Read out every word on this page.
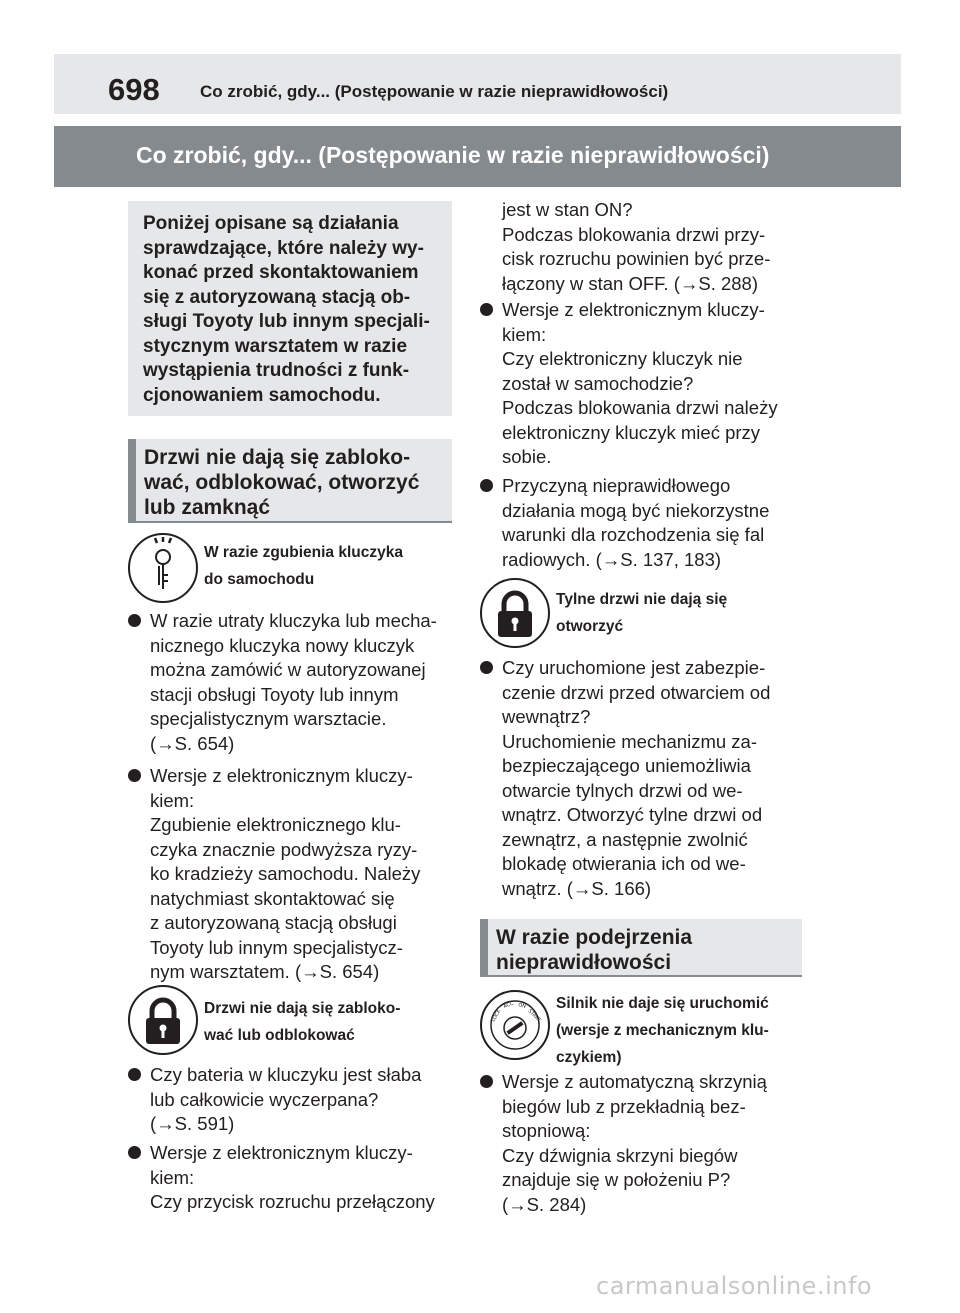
698 Co zrobić, gdy... (Postępowanie w razie nieprawidłowości)
Co zrobić, gdy... (Postępowanie w razie nieprawidłowości)

Poniżej opisane są działania sprawdzające, które należy wy-konać przed skontaktowaniem się z autoryzowaną stacją ob-sługi Toyoty lub innym specjali-stycznym warsztatem w razie wystąpienia trudności z funk-cjonowaniem samochodu.

Drzwi nie dają się zabloko-
wać, odblokować, otworzyć
lub zamknąć
W razie zgubienia kluczyka
do samochodu
W razie utraty kluczyka lub mecha-
nicznego kluczyka nowy kluczyk
można zamówić w autoryzowanej
stacji obsługi Toyoty lub innym
specjalistycznym warsztacie.
(→S. 654)
Wersje z elektronicznym kluczy-
kiem:
Zgubienie elektronicznego klu-
czyka znacznie podwyższa ryzy-
ko kradzieży samochodu. Należy
natychmiast skontaktować się
z autoryzowaną stacją obsługi
Toyoty lub innym specjalistycz-
nym warsztatem. (→S. 654)
Drzwi nie dają się zabloko-
wać lub odblokować
Czy bateria w kluczyku jest słaba
lub całkowicie wyczerpana?
(→S. 591)
Wersje z elektronicznym kluczy-
kiem:
Czy przycisk rozruchu przełączony
jest w stan ON?
Podczas blokowania drzwi przy-
cisk rozruchu powinien być prze-
łączony w stan OFF. (→S. 288)
Wersje z elektronicznym kluczy-
kiem:
Czy elektroniczny kluczyk nie
został w samochodzie?
Podczas blokowania drzwi należy
elektroniczny kluczyk mieć przy
sobie.
Przyczyną nieprawidłowego
działania mogą być niekorzystne
warunki dla rozchodzenia się fal
radiowych. (→S. 137, 183)
Tylne drzwi nie dają się
otworzyć
Czy uruchomione jest zabezpie-
czenie drzwi przed otwarciem od
wewnątrz?
Uruchomienie mechanizmu za-
bezpieczającego uniemożliwia
otwarcie tylnych drzwi od we-
wnątrz. Otworzyć tylne drzwi od
zewnątrz, a następnie zwolnić
blokadę otwierania ich od we-
wnątrz. (→S. 166)
W razie podejrzenia
nieprawidłowości
LOCK
ACC ON
START
Silnik nie daje się uruchomić
(wersje z mechanicznym klu-
czykiem)
Wersje z automatyczną skrzynią
biegów lub z przekładnią bez-
stopniową:
Czy dźwignia skrzyni biegów
znajduje się w położeniu P?
(→S. 284)
carmanualsonline.info
